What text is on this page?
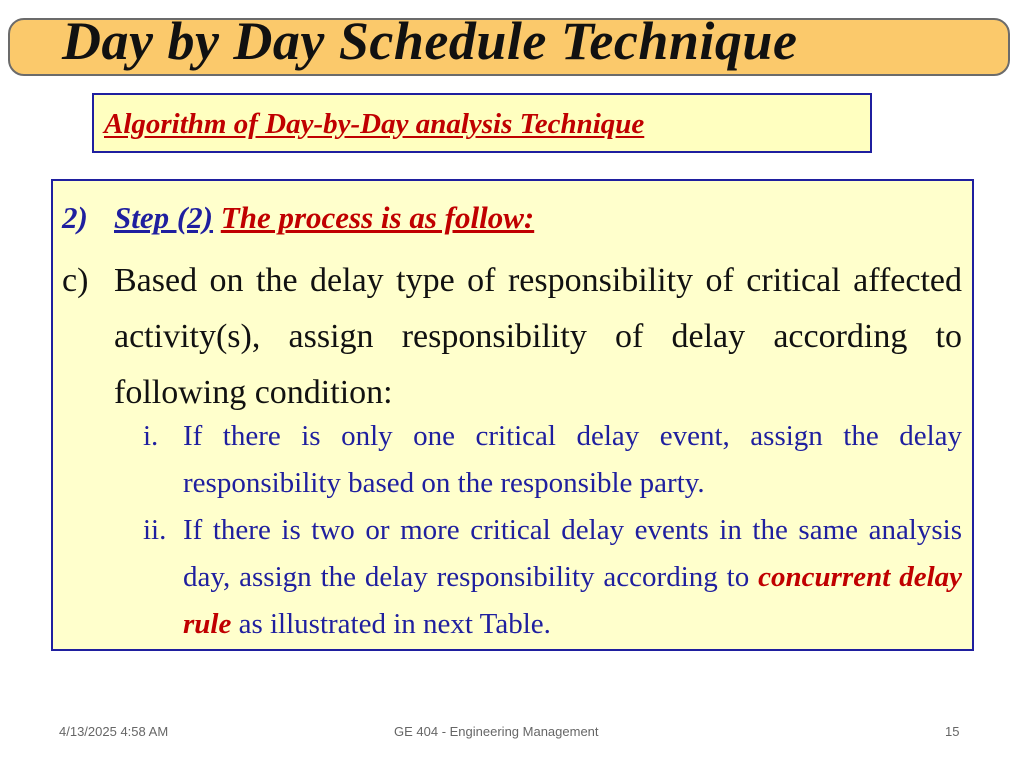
Day by Day Schedule Technique
Algorithm of Day-by-Day analysis Technique
2) Step (2) The process is as follow:
c) Based on the delay type of responsibility of critical affected activity(s), assign responsibility of delay according to following condition:
i. If there is only one critical delay event, assign the delay responsibility based on the responsible party.
ii. If there is two or more critical delay events in the same analysis day, assign the delay responsibility according to concurrent delay rule as illustrated in next Table.
4/13/2025 4:58 AM	GE 404 - Engineering Management	15
